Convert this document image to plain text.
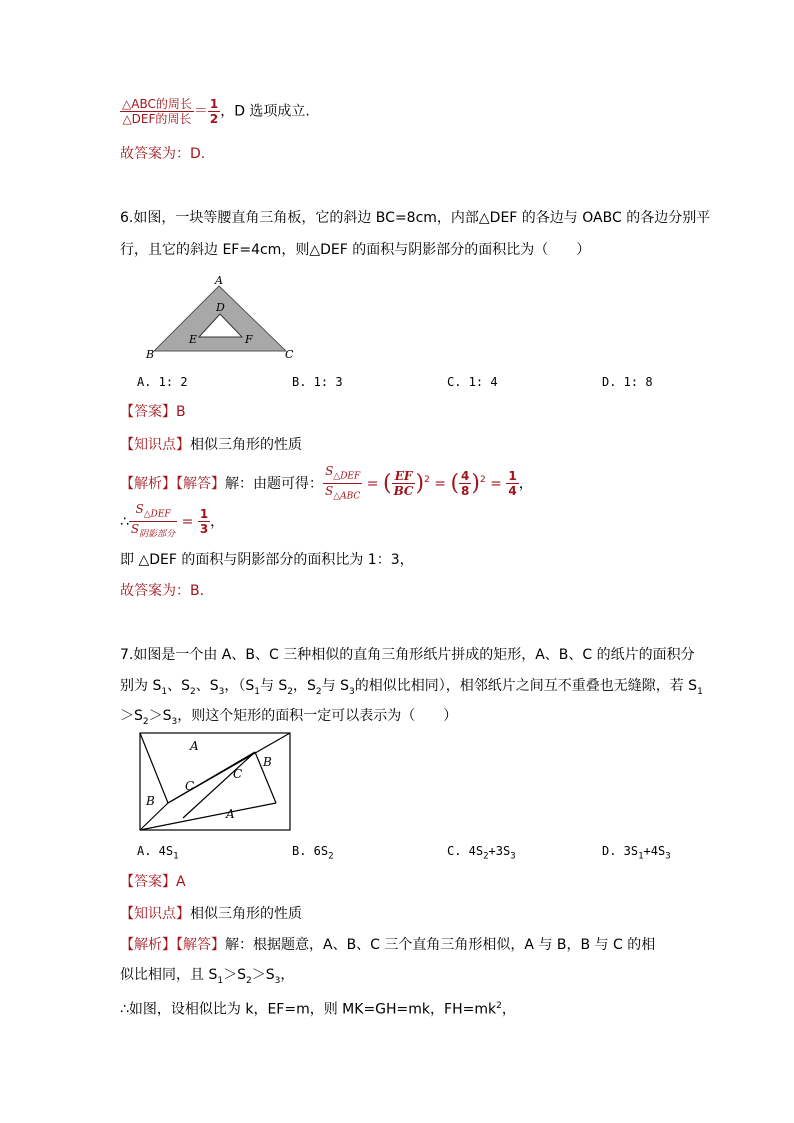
$\frac{\text{△ABC的周长}}{\text{△DEF的周长}} = \frac{1}{2}$ ，D 选项成立.
故答案为：D.
6.如图，一块等腰直角三角板，它的斜边 BC=8cm，内部△DEF 的各边与 OABC 的各边分别平
行，且它的斜边 EF=4cm，则△DEF 的面积与阴影部分的面积比为（　　）
A
D
E	F
B	C
A. 1: 2	B. 1: 3	C. 1: 4	D. 1: 8
【答案】B
【知识点】相似三角形的性质
【解析】【解答】解：由题可得： $\frac{S_{\triangle DEF}}{S_{\triangle ABC}}$ = ( $\frac{EF}{BC} )^2$ = ( $\frac{4}{8} )^2 = \frac{1}{4}$ ，
∴ $\frac{S_{\triangle DEF}}{S_{阴影部分}} = \frac{1}{3}$ ，
即 △DEF 的面积与阴影部分的面积比为 1：3，
故答案为：B.
7.如图是一个由 A、B、C 三种相似的直角三角形纸片拼成的矩形，A、B、C 的纸片的面积分
别为 $S_1$、$S_2$、$S_3$，（$S_1$与 $S_2$，$S_2$与 $S_3$的相似比相同），相邻纸片之间互不重叠也无缝隙，若 $S_1$
$>S_2>S_3$，则这个矩形的面积一定可以表示为（　　）
A
B
C
C
B
A
A. $4S_1$	B. $6S_2$	C. $4S_2+3S_3$	D. $3S_1+4S_3$
【答案】A
【知识点】相似三角形的性质
【解析】【解答】解：根据题意，A、B、C 三个直角三角形相似，A 与 B，B 与 C 的相
似比相同，且 $S_1>S_2>S_3$，
∴如图，设相似比为 k，EF=m，则 MK=GH=mk，$FH=mk^2$，
